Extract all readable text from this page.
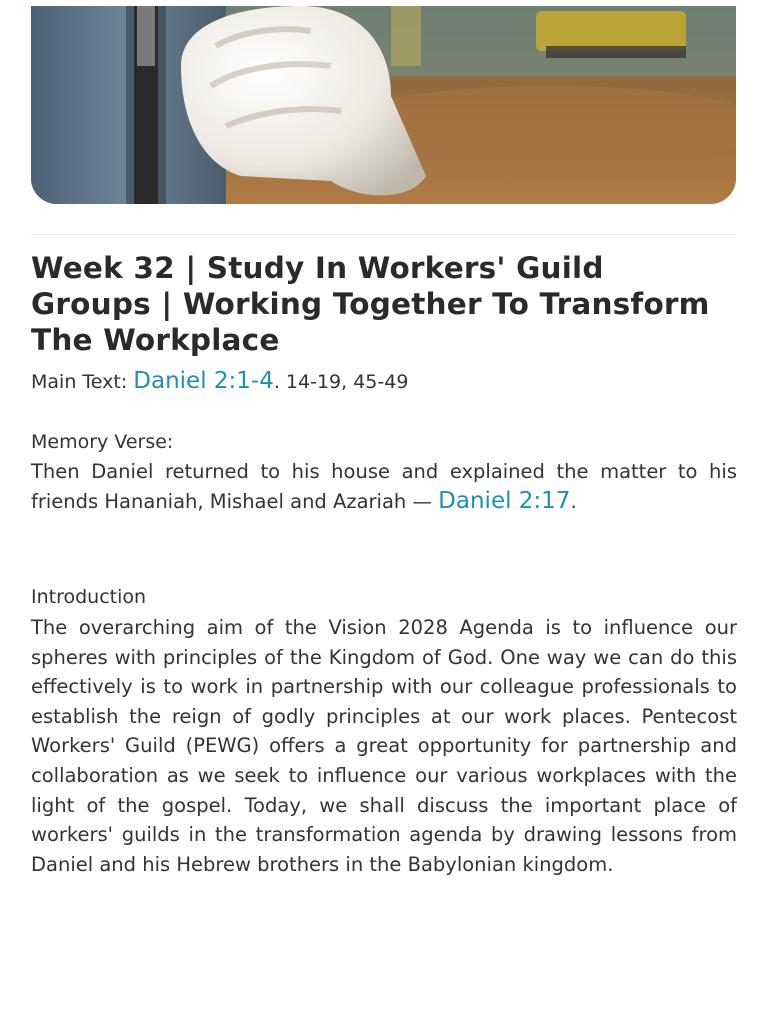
Week 32 | Study In Workers' Guild Groups | Working Together To Transform The Workplace
Main Text: Daniel 2:1-4. 14-19, 45-49
Memory Verse:

Then Daniel returned to his house and explained the matter to his friends Hananiah, Mishael and Azariah — Daniel 2:17.

Introduction

The overarching aim of the Vision 2028 Agenda is to influence our spheres with principles of the Kingdom of God. One way we can do this effectively is to work in partnership with our colleague professionals to establish the reign of godly principles at our work places. Pentecost Workers' Guild (PEWG) offers a great opportunity for partnership and collaboration as we seek to influence our various workplaces with the light of the gospel. Today, we shall discuss the important place of workers' guilds in the transformation agenda by drawing lessons from Daniel and his Hebrew brothers in the Babylonian kingdom.
